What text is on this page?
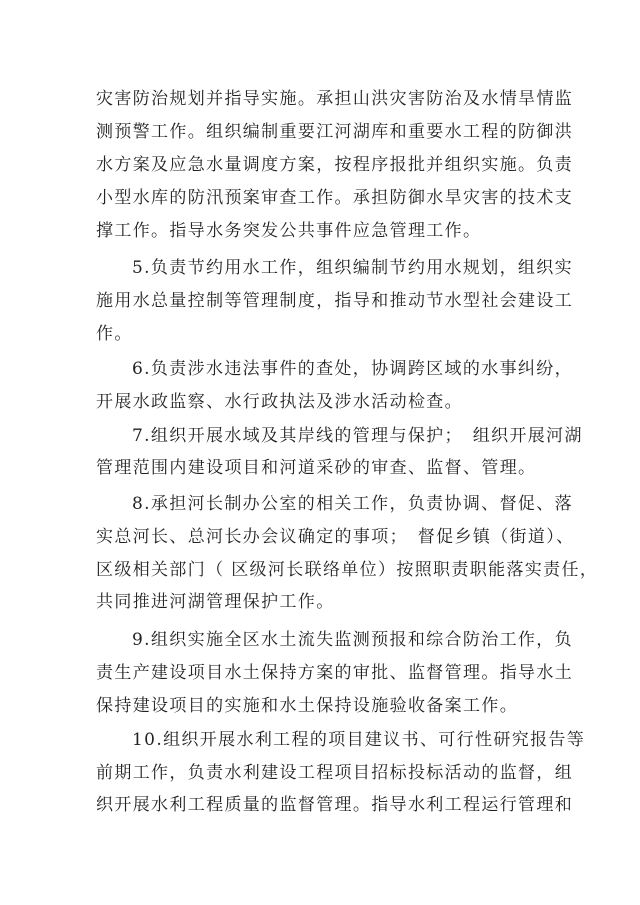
灾害防治规划并指导实施。承担山洪灾害防治及水情旱情监
测预警工作。组织编制重要江河湖库和重要水工程的防御洪
水方案及应急水量调度方案，按程序报批并组织实施。负责
小型水库的防汛预案审查工作。承担防御水旱灾害的技术支
撑工作。指导水务突发公共事件应急管理工作。
5.负责节约用水工作，组织编制节约用水规划，组织实
施用水总量控制等管理制度，指导和推动节水型社会建设工
作。
6.负责涉水违法事件的查处，协调跨区域的水事纠纷，
开展水政监察、水行政执法及涉水活动检查。
7.组织开展水域及其岸线的管理与保护；　组织开展河湖
管理范围内建设项目和河道采砂的审查、监督、管理。
8.承担河长制办公室的相关工作，负责协调、督促、落
实总河长、总河长办会议确定的事项；　督促乡镇（街道）、
区级相关部门（ 区级河长联络单位）按照职责职能落实责任，
共同推进河湖管理保护工作。
9.组织实施全区水土流失监测预报和综合防治工作，负
责生产建设项目水土保持方案的审批、监督管理。指导水土
保持建设项目的实施和水土保持设施验收备案工作。
10.组织开展水利工程的项目建议书、可行性研究报告等
前期工作，负责水利建设工程项目招标投标活动的监督，组
织开展水利工程质量的监督管理。指导水利工程运行管理和
